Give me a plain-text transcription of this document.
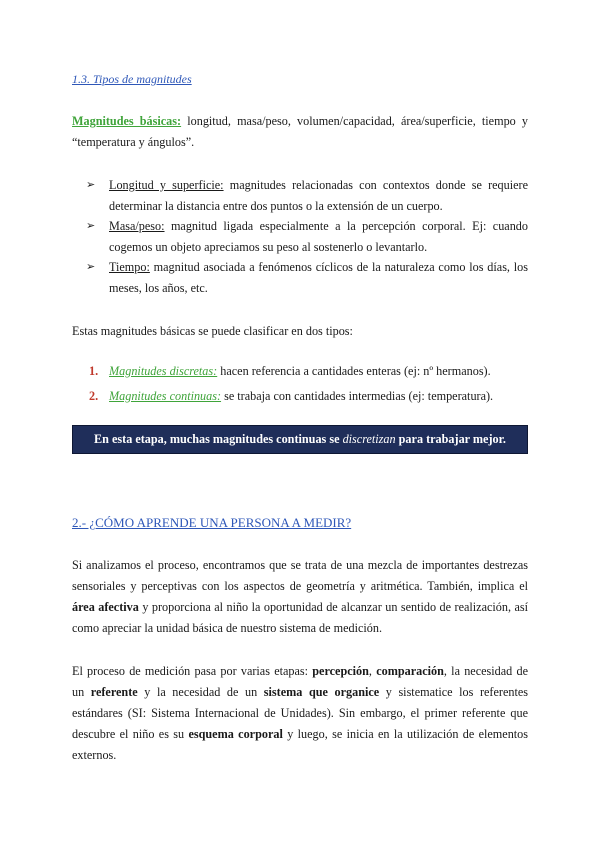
1.3. Tipos de magnitudes
Magnitudes básicas: longitud, masa/peso, volumen/capacidad, área/superficie, tiempo y “temperatura y ángulos”.
➢ Longitud y superficie: magnitudes relacionadas con contextos donde se requiere determinar la distancia entre dos puntos o la extensión de un cuerpo.
➢ Masa/peso: magnitud ligada especialmente a la percepción corporal. Ej: cuando cogemos un objeto apreciamos su peso al sostenerlo o levantarlo.
➢ Tiempo: magnitud asociada a fenómenos cíclicos de la naturaleza como los días, los meses, los años, etc.
Estas magnitudes básicas se puede clasificar en dos tipos:
1. Magnitudes discretas: hacen referencia a cantidades enteras (ej: nº hermanos).
2. Magnitudes continuas: se trabaja con cantidades intermedias (ej: temperatura).
En esta etapa, muchas magnitudes continuas se discretizan para trabajar mejor.
2.- ¿CÓMO APRENDE UNA PERSONA A MEDIR?
Si analizamos el proceso, encontramos que se trata de una mezcla de importantes destrezas sensoriales y perceptivas con los aspectos de geometría y aritmética. También, implica el área afectiva y proporciona al niño la oportunidad de alcanzar un sentido de realización, así como apreciar la unidad básica de nuestro sistema de medición.
El proceso de medición pasa por varias etapas: percepción, comparación, la necesidad de un referente y la necesidad de un sistema que organice y sistematice los referentes estándares (SI: Sistema Internacional de Unidades). Sin embargo, el primer referente que descubre el niño es su esquema corporal y luego, se inicia en la utilización de elementos externos.
